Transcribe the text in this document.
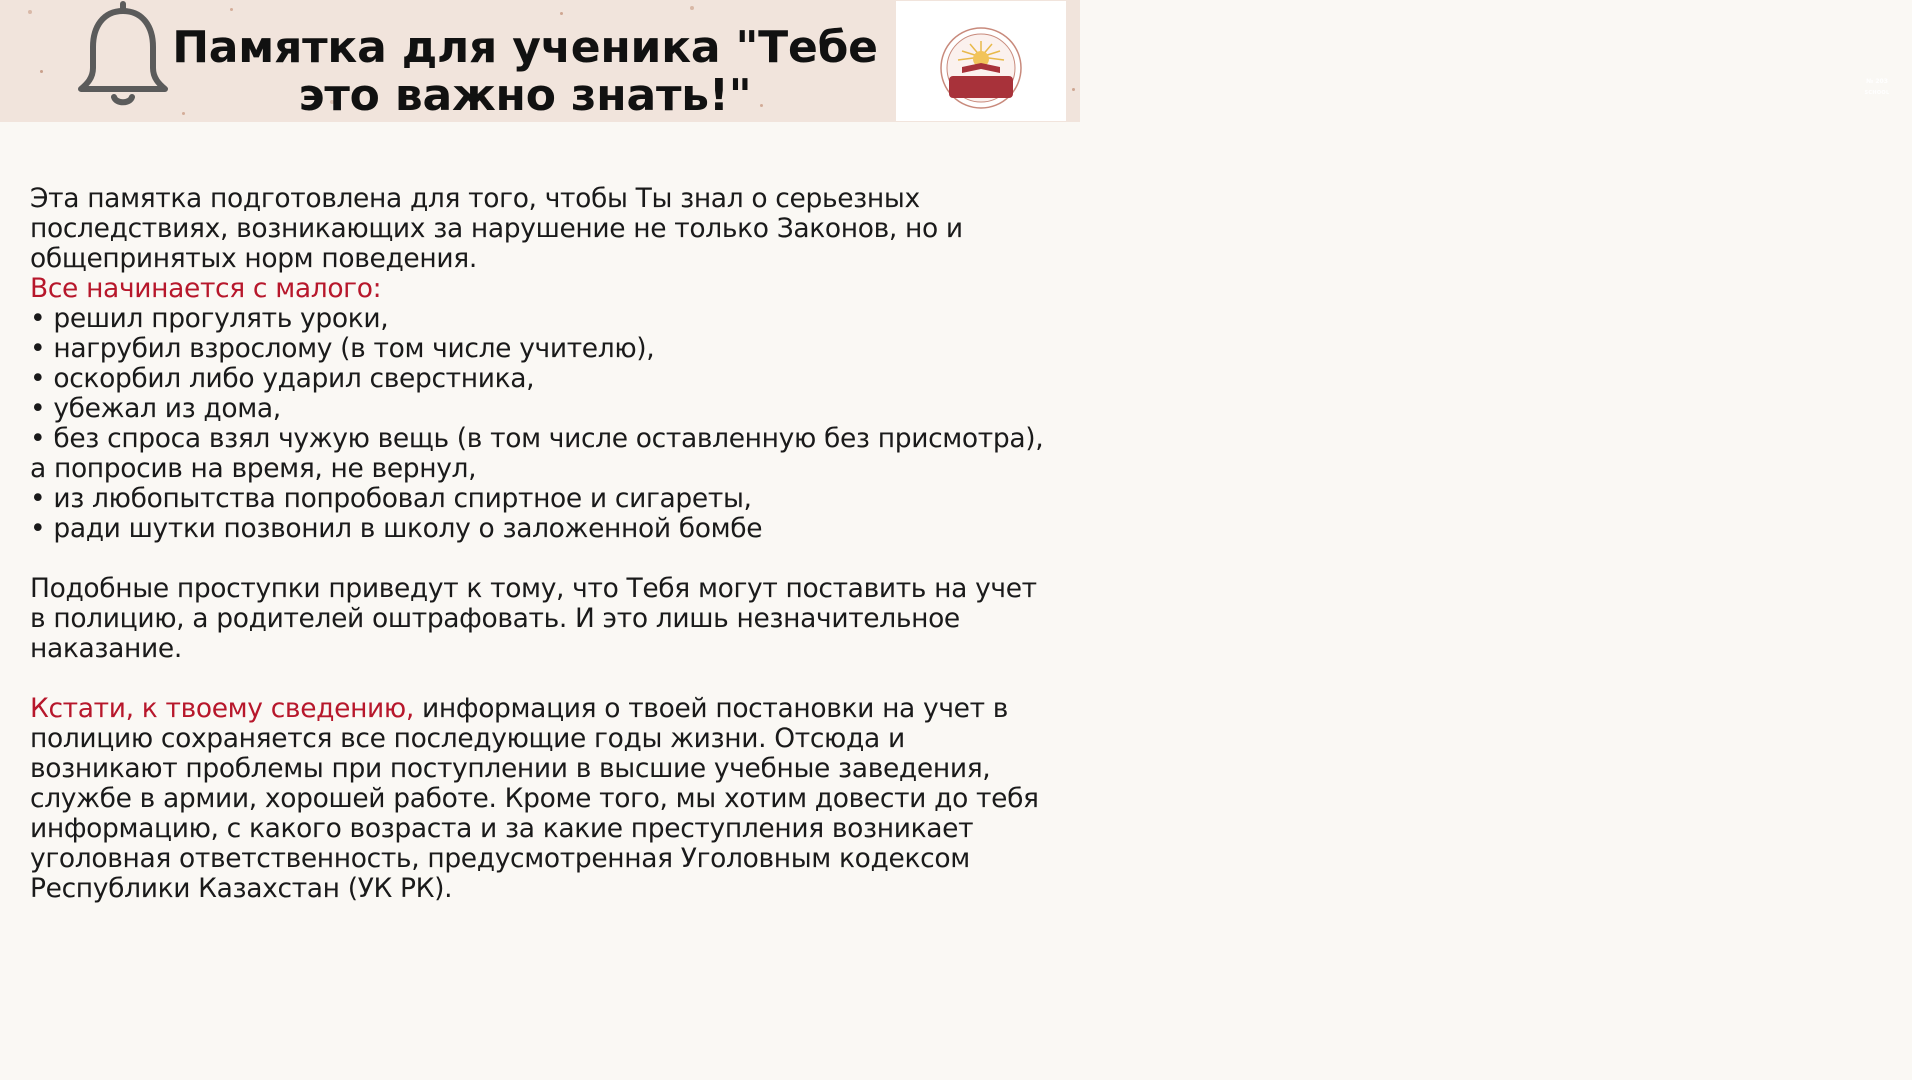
Памятка для ученика "Тебе
это важно знать!"	№ 203
SCHOOL
Эта памятка подготовлена для того, чтобы Ты знал о серьезных последствиях, возникающих за нарушение не только Законов, но и общепринятых норм поведения.
Все начинается с малого:
• решил прогулять уроки,
• нагрубил взрослому (в том числе учителю),
• оскорбил либо ударил сверстника,
• убежал из дома,
• без спроса взял чужую вещь (в том числе оставленную без присмотра), а попросив на время, не вернул,
• из любопытства попробовал спиртное и сигареты,
• ради шутки позвонил в школу о заложенной бомбе
Подобные проступки приведут к тому, что Тебя могут поставить на учет в полицию, а родителей оштрафовать. И это лишь незначительное наказание.
Кстати, к твоему сведению, информация о твоей постановки на учет в полицию сохраняется все последующие годы жизни. Отсюда и возникают проблемы при поступлении в высшие учебные заведения, службе в армии, хорошей работе. Кроме того, мы хотим довести до тебя информацию, с какого возраста и за какие преступления возникает уголовная ответственность, предусмотренная Уголовным кодексом Республики Казахстан (УК РК).
